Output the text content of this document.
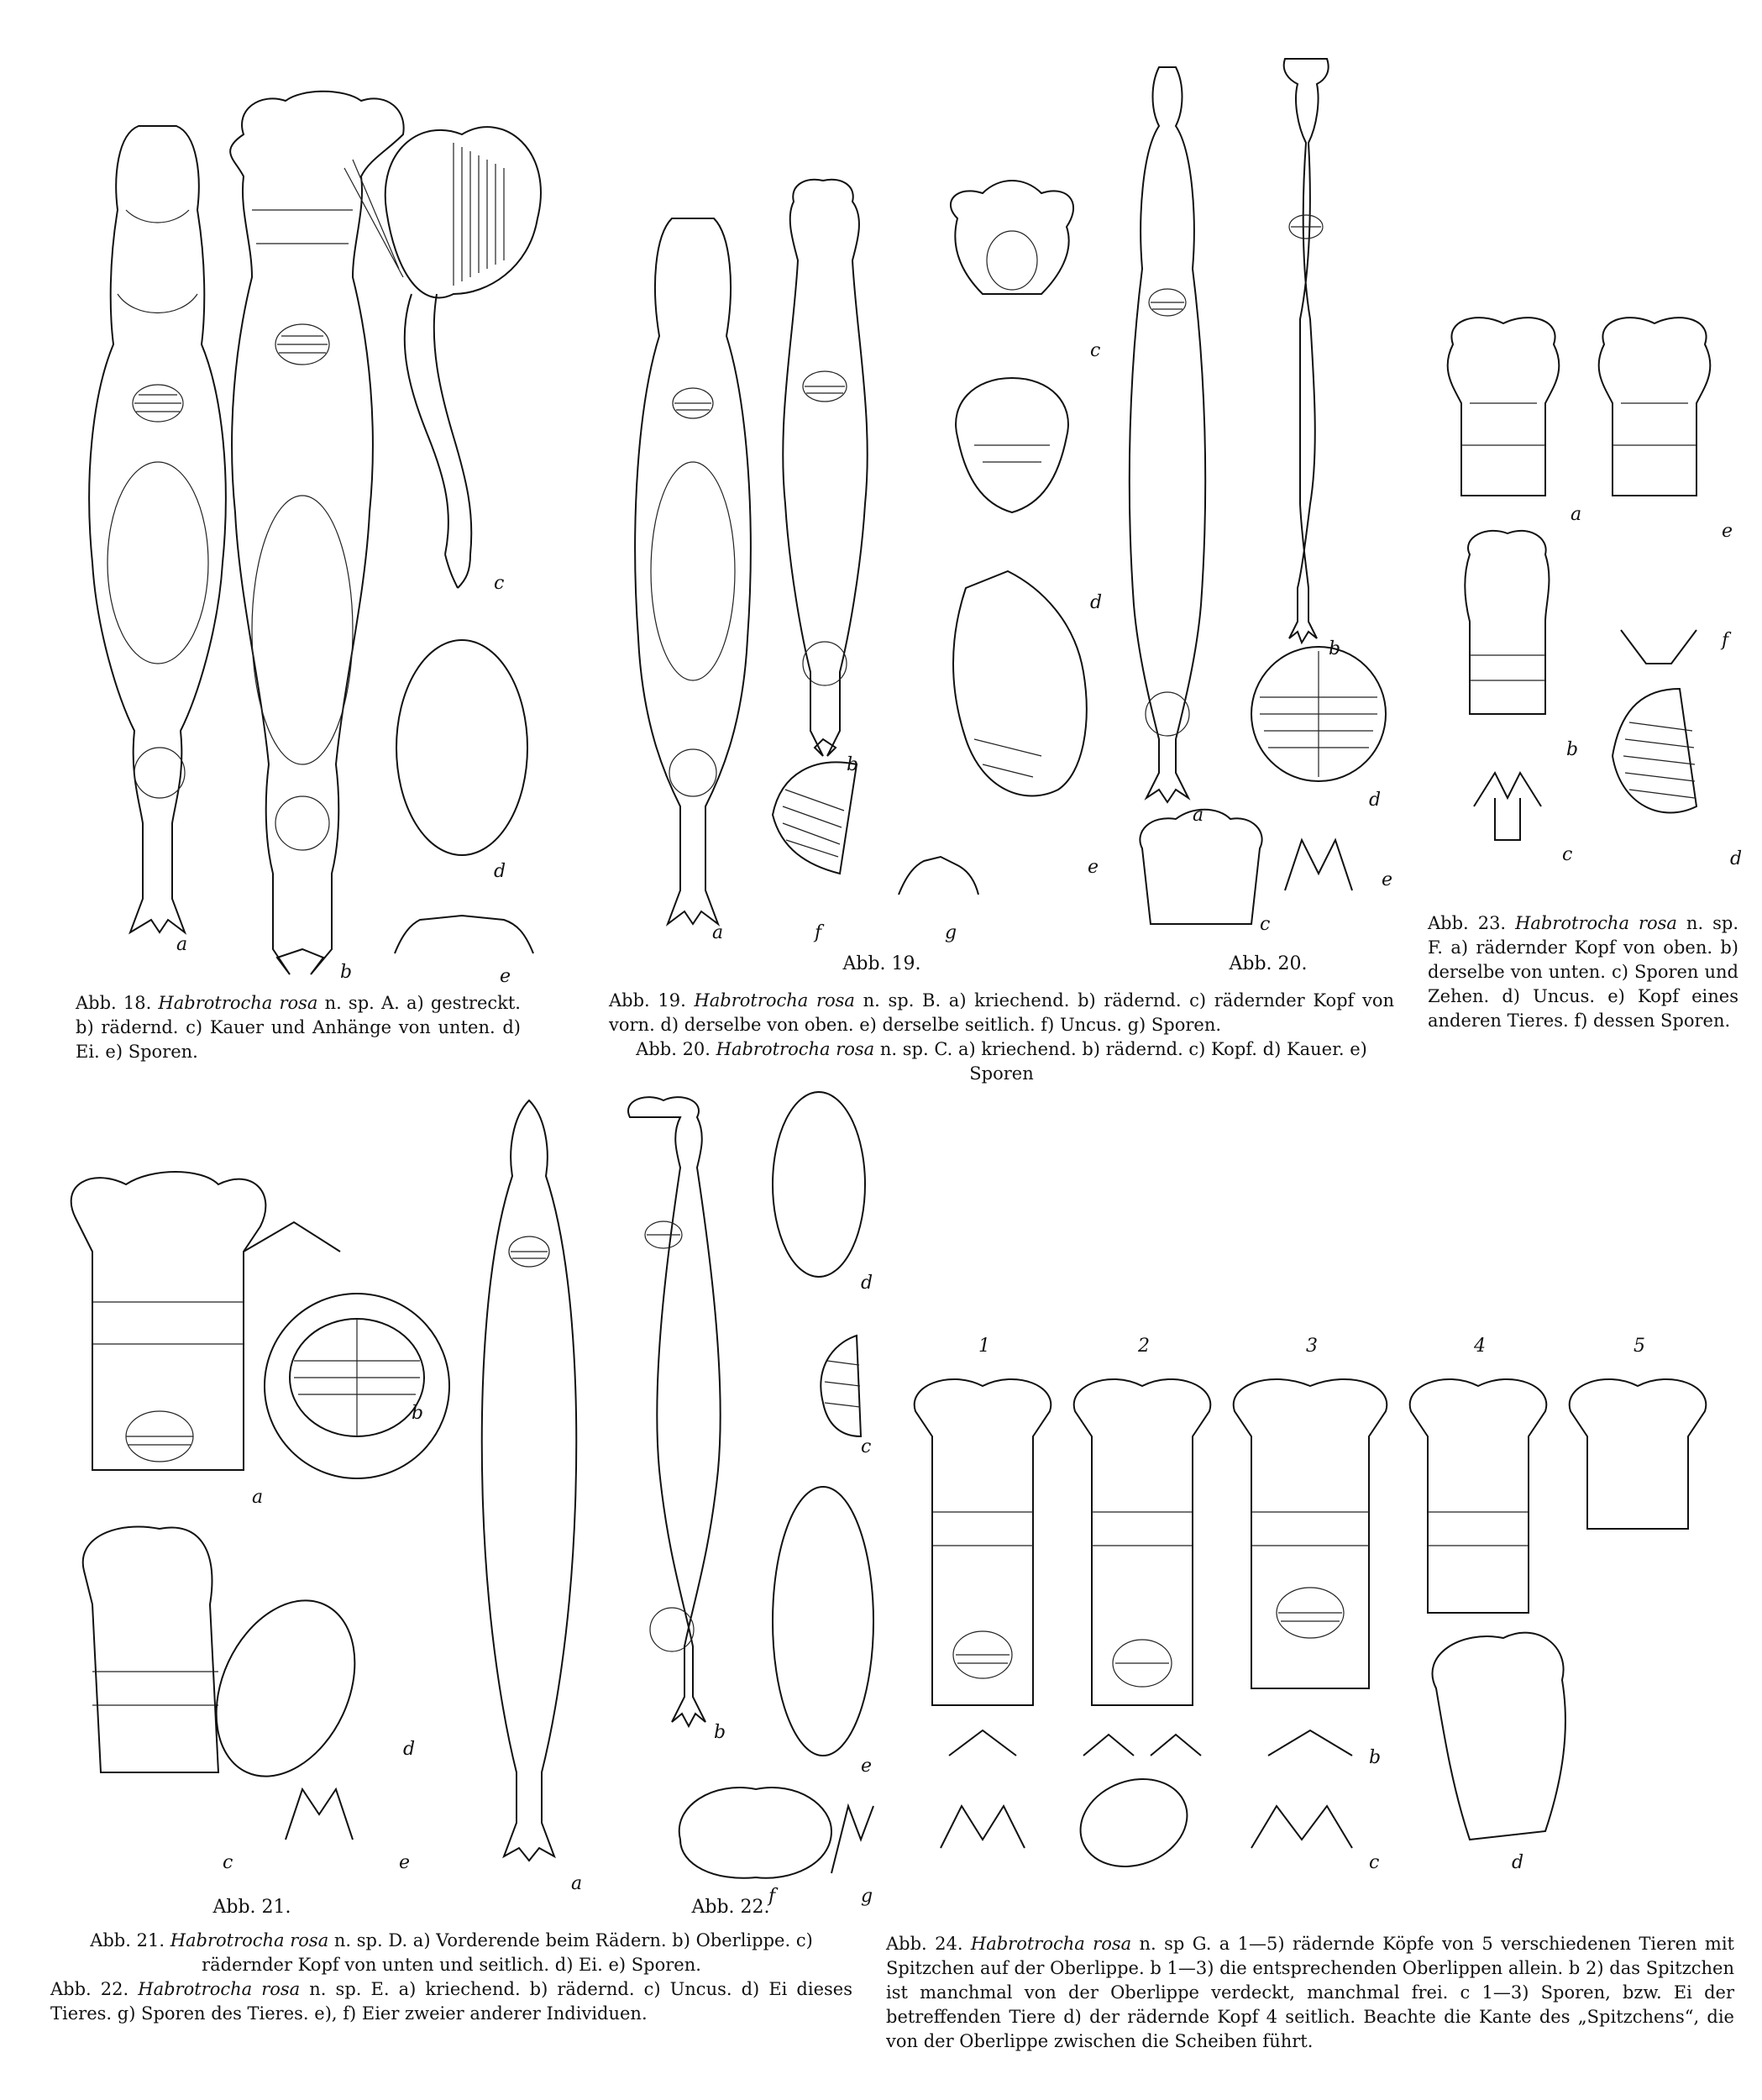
a
b
c
d
e
Abb. 18. Habrotrocha rosa n. sp. A. a) gestreckt. b) rädernd. c) Kauer und Anhänge von unten. d) Ei. e) Sporen.
a
b
c
d
e
f	g
Abb. 19.
a
b
c
d
e
Abb. 20.
Abb. 19. Habrotrocha rosa n. sp. B. a) kriechend. b) rädernd. c) rädernder Kopf von vorn. d) derselbe von oben. e) derselbe seitlich. f) Uncus. g) Sporen.
Abb. 20. Habrotrocha rosa n. sp. C. a) kriechend. b) rädernd. c) Kopf. d) Kauer. e) Sporen
a
b
c	d
e
f
Abb. 23. Habrotrocha rosa n. sp. F. a) rädernder Kopf von oben. b) derselbe von unten. c) Sporen und Zehen. d) Uncus. e) Kopf eines anderen Tieres. f) dessen Sporen.
a
b
c
d
e
Abb. 21.
a
b
c
d
e
f	g
Abb. 22.
Abb. 21. Habrotrocha rosa n. sp. D. a) Vorderende beim Rädern. b) Oberlippe. c) rädernder Kopf von unten und seitlich. d) Ei. e) Sporen.
Abb. 22. Habrotrocha rosa n. sp. E. a) kriechend. b) rädernd. c) Uncus. d) Ei dieses Tieres. g) Sporen des Tieres. e), f) Eier zweier anderer Individuen.
1	2	3	4	5
b
c	d
Abb. 24. Habrotrocha rosa n. sp G. a 1—5) rädernde Köpfe von 5 verschiedenen Tieren mit Spitzchen auf der Oberlippe. b 1—3) die entsprechenden Oberlippen allein. b 2) das Spitzchen ist manchmal von der Oberlippe verdeckt, manchmal frei. c 1—3) Sporen, bzw. Ei der betreffenden Tiere d) der rädernde Kopf 4 seitlich. Beachte die Kante des „Spitzchens“, die von der Oberlippe zwischen die Scheiben führt.
